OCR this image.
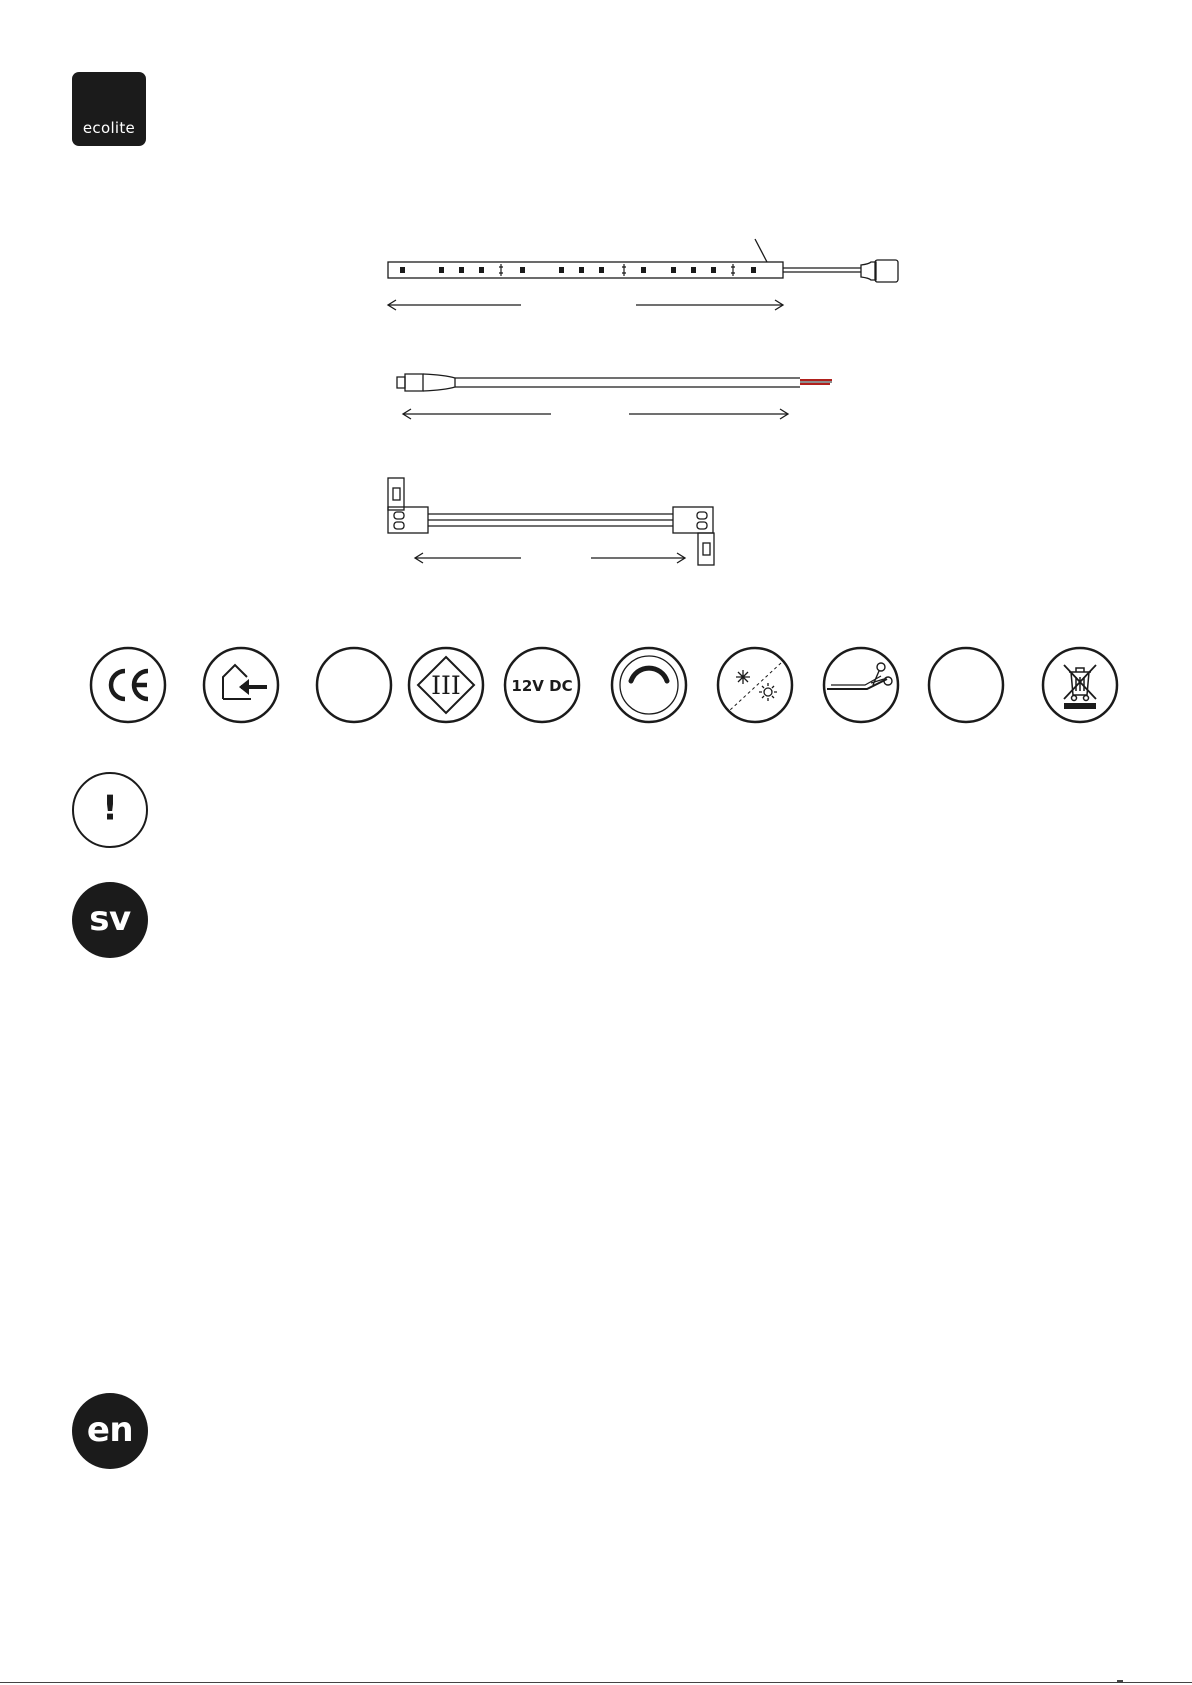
ecolite
III	12V DC
!
sv
en
